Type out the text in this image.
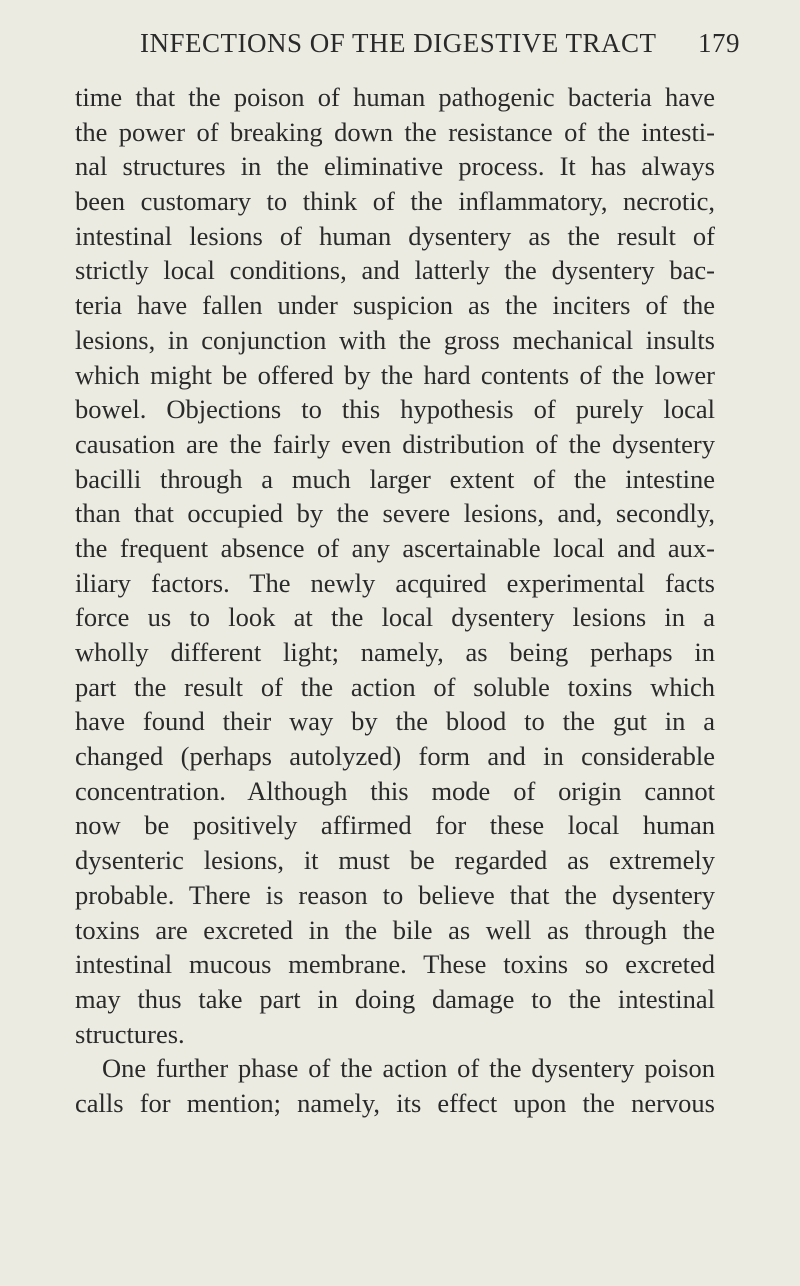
INFECTIONS OF THE DIGESTIVE TRACT 179
time that the poison of human pathogenic bacteria have
the power of breaking down the resistance of the intesti-
nal structures in the eliminative process. It has always
been customary to think of the inflammatory, necrotic,
intestinal lesions of human dysentery as the result of
strictly local conditions, and latterly the dysentery bac-
teria have fallen under suspicion as the inciters of the
lesions, in conjunction with the gross mechanical insults
which might be offered by the hard contents of the lower
bowel. Objections to this hypothesis of purely local
causation are the fairly even distribution of the dysentery
bacilli through a much larger extent of the intestine
than that occupied by the severe lesions, and, secondly,
the frequent absence of any ascertainable local and aux-
iliary factors. The newly acquired experimental facts
force us to look at the local dysentery lesions in a
wholly different light; namely, as being perhaps in
part the result of the action of soluble toxins which
have found their way by the blood to the gut in a
changed (perhaps autolyzed) form and in considerable
concentration. Although this mode of origin cannot
now be positively affirmed for these local human
dysenteric lesions, it must be regarded as extremely
probable. There is reason to believe that the dysentery
toxins are excreted in the bile as well as through the
intestinal mucous membrane. These toxins so excreted
may thus take part in doing damage to the intestinal
structures.
One further phase of the action of the dysentery poison
calls for mention; namely, its effect upon the nervous
